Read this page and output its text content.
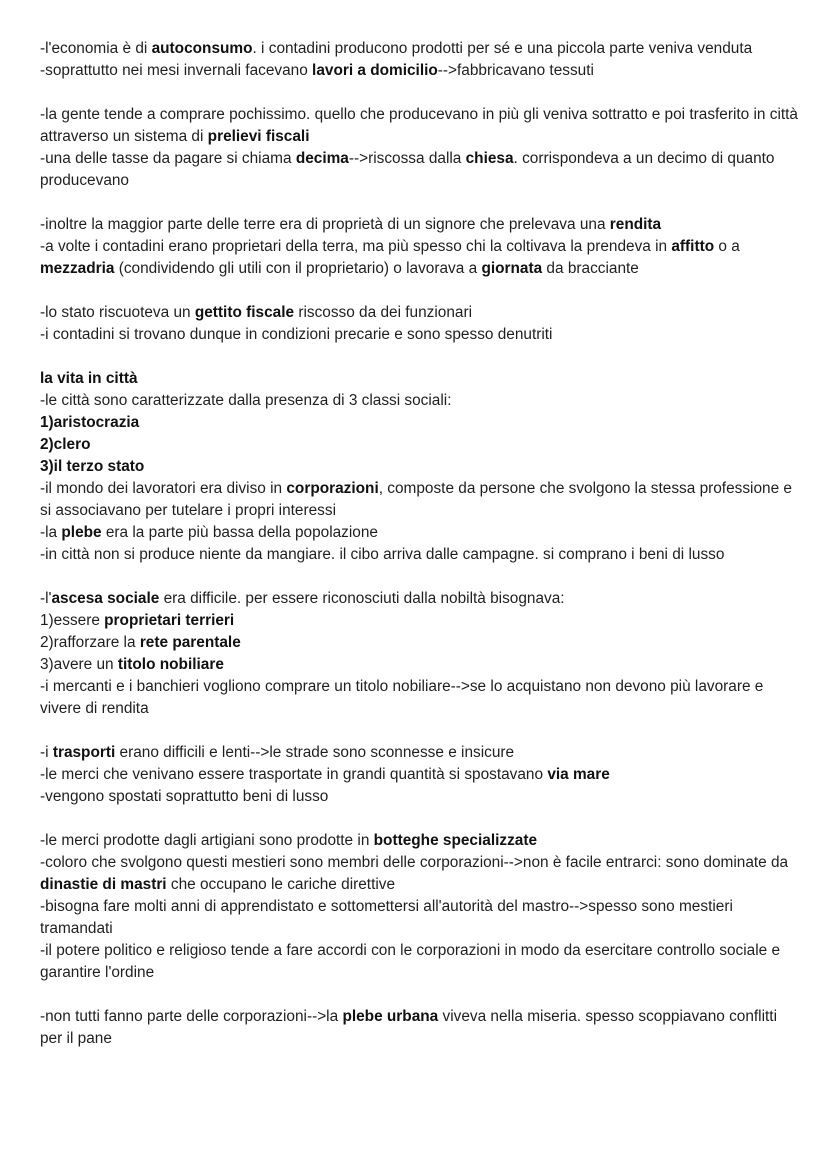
-l'economia è di autoconsumo. i contadini producono prodotti per sé e una piccola parte veniva venduta
-soprattutto nei mesi invernali facevano lavori a domicilio-->fabbricavano tessuti
-la gente tende a comprare pochissimo. quello che producevano in più gli veniva sottratto e poi trasferito in città attraverso un sistema di prelievi fiscali
-una delle tasse da pagare si chiama decima-->riscossa dalla chiesa. corrispondeva a un decimo di quanto producevano
-inoltre la maggior parte delle terre era di proprietà di un signore che prelevava una rendita
-a volte i contadini erano proprietari della terra, ma più spesso chi la coltivava la prendeva in affitto o a mezzadria (condividendo gli utili con il proprietario) o lavorava a giornata da bracciante
-lo stato riscuoteva un gettito fiscale riscosso da dei funzionari
-i contadini si trovano dunque in condizioni precarie e sono spesso denutriti
la vita in città
-le città sono caratterizzate dalla presenza di 3 classi sociali:
1)aristocrazia
2)clero
3)il terzo stato
-il mondo dei lavoratori era diviso in corporazioni, composte da persone che svolgono la stessa professione e si associavano per tutelare i propri interessi
-la plebe era la parte più bassa della popolazione
-in città non si produce niente da mangiare. il cibo arriva dalle campagne. si comprano i beni di lusso
-l'ascesa sociale era difficile. per essere riconosciuti dalla nobiltà bisognava:
1)essere proprietari terrieri
2)rafforzare la rete parentale
3)avere un titolo nobiliare
-i mercanti e i banchieri vogliono comprare un titolo nobiliare-->se lo acquistano non devono più lavorare e vivere di rendita
-i trasporti erano difficili e lenti-->le strade sono sconnesse e insicure
-le merci che venivano essere trasportate in grandi quantità si spostavano via mare
-vengono spostati soprattutto beni di lusso
-le merci prodotte dagli artigiani sono prodotte in botteghe specializzate
-coloro che svolgono questi mestieri sono membri delle corporazioni-->non è facile entrarci: sono dominate da dinastie di mastri che occupano le cariche direttive
-bisogna fare molti anni di apprendistato e sottomettersi all'autorità del mastro-->spesso sono mestieri tramandati
-il potere politico e religioso tende a fare accordi con le corporazioni in modo da esercitare controllo sociale e garantire l'ordine
-non tutti fanno parte delle corporazioni-->la plebe urbana viveva nella miseria. spesso scoppiavano conflitti per il pane
